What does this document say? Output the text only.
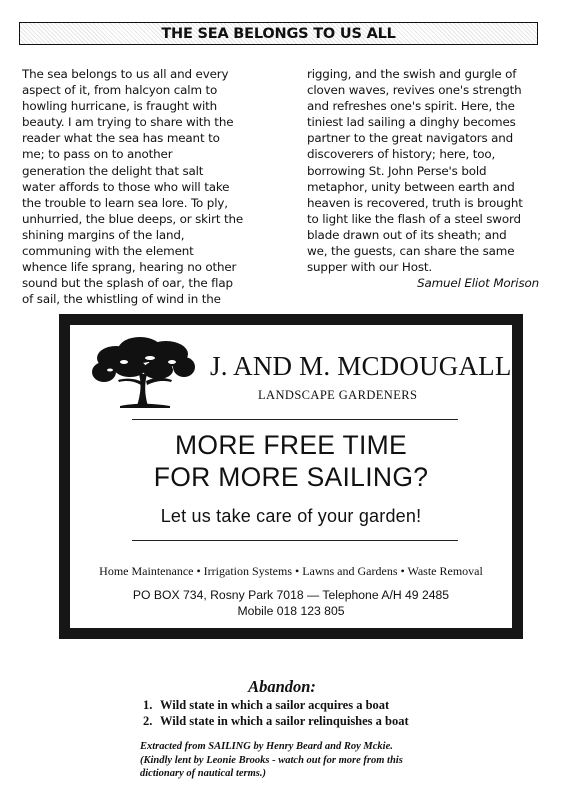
THE SEA BELONGS TO US ALL
The sea belongs to us all and every
aspect of it, from halcyon calm to
howling hurricane, is fraught with
beauty. I am trying to share with the
reader what the sea has meant to
me; to pass on to another
generation the delight that salt
water affords to those who will take
the trouble to learn sea lore. To ply,
unhurried, the blue deeps, or skirt the
shining margins of the land,
communing with the element
whence life sprang, hearing no other
sound but the splash of oar, the flap
of sail, the whistling of wind in the
rigging, and the swish and gurgle of
cloven waves, revives one's strength
and refreshes one's spirit. Here, the
tiniest lad sailing a dinghy becomes
partner to the great navigators and
discoverers of history; here, too,
borrowing St. John Perse's bold
metaphor, unity between earth and
heaven is recovered, truth is brought
to light like the flash of a steel sword
blade drawn out of its sheath; and
we, the guests, can share the same
supper with our Host.
Samuel Eliot Morison
J. AND M. MCDOUGALL
LANDSCAPE GARDENERS
MORE FREE TIME
FOR MORE SAILING?
Let us take care of your garden!
Home Maintenance • Irrigation Systems • Lawns and Gardens • Waste Removal
PO BOX 734, Rosny Park 7018 — Telephone A/H 49 2485
Mobile 018 123 805
Abandon:
1. Wild state in which a sailor acquires a boat
2. Wild state in which a sailor relinquishes a boat
Extracted from SAILING by Henry Beard and Roy Mckie.
(Kindly lent by Leonie Brooks - watch out for more from this
dictionary of nautical terms.)
